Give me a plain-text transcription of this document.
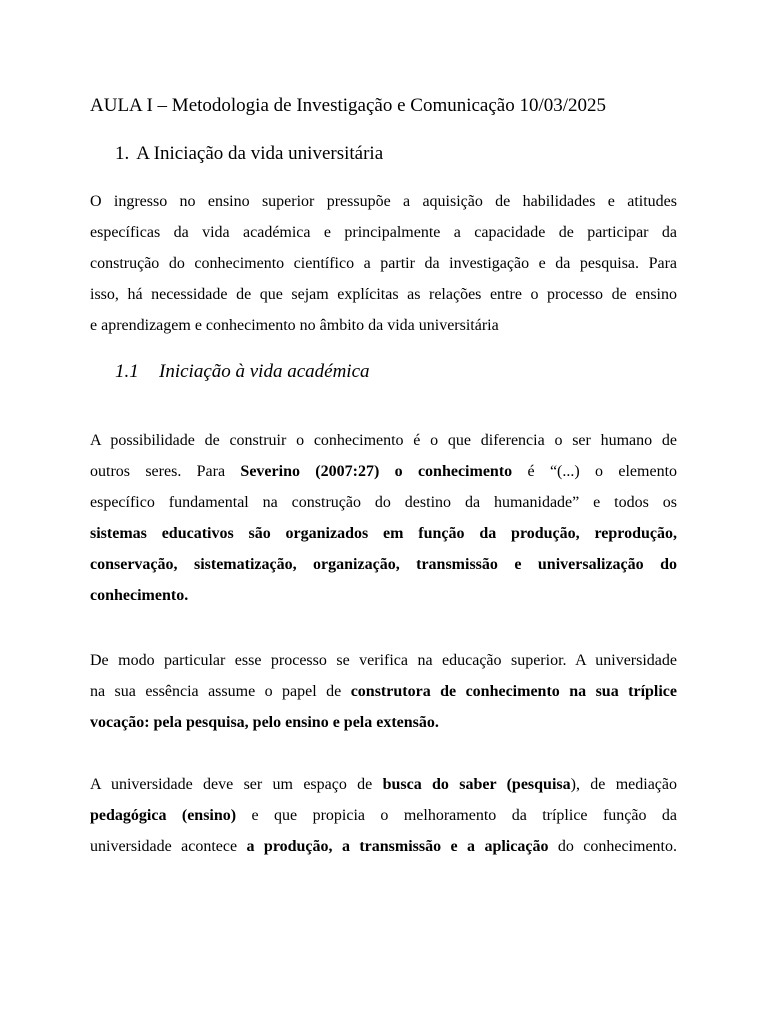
AULA I – Metodologia de Investigação e Comunicação 10/03/2025
1. A Iniciação da vida universitária

O ingresso no ensino superior pressupõe a aquisição de habilidades e atitudes
específicas da vida académica e principalmente a capacidade de participar da
construção do conhecimento científico a partir da investigação e da pesquisa. Para
isso, há necessidade de que sejam explícitas as relações entre o processo de ensino
e aprendizagem e conhecimento no âmbito da vida universitária

1.1 Iniciação à vida académica

A possibilidade de construir o conhecimento é o que diferencia o ser humano de
outros seres. Para Severino (2007:27) o conhecimento é “(...) o elemento
específico fundamental na construção do destino da humanidade” e todos os
sistemas educativos são organizados em função da produção, reprodução,
conservação, sistematização, organização, transmissão e universalização do
conhecimento.

De modo particular esse processo se verifica na educação superior. A universidade
na sua essência assume o papel de construtora de conhecimento na sua tríplice
vocação: pela pesquisa, pelo ensino e pela extensão.

A universidade deve ser um espaço de busca do saber (pesquisa), de mediação
pedagógica (ensino) e que propicia o melhoramento da tríplice função da
universidade acontece a produção, a transmissão e a aplicação do conhecimento.
